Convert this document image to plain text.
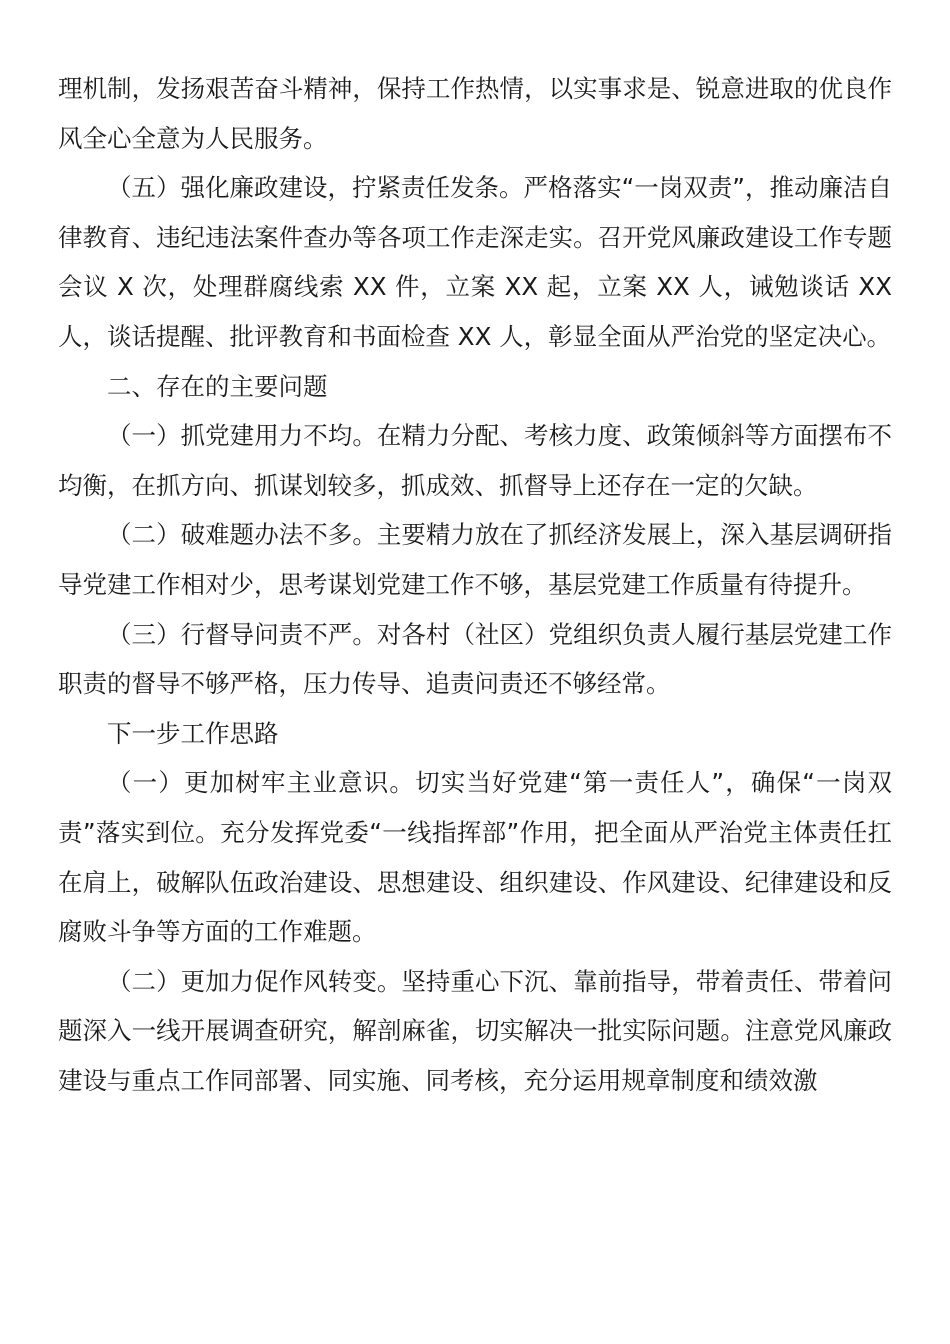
理机制，发扬艰苦奋斗精神，保持工作热情，以实事求是、锐意进取的优良作风全心全意为人民服务。

（五）强化廉政建设，拧紧责任发条。严格落实“一岗双责”，推动廉洁自律教育、违纪违法案件查办等各项工作走深走实。召开党风廉政建设工作专题会议 X 次，处理群腐线索 XX 件，立案 XX 起，立案 XX 人，诫勉谈话 XX 人，谈话提醒、批评教育和书面检查 XX 人，彰显全面从严治党的坚定决心。

二、存在的主要问题

（一）抓党建用力不均。在精力分配、考核力度、政策倾斜等方面摆布不均衡，在抓方向、抓谋划较多，抓成效、抓督导上还存在一定的欠缺。

（二）破难题办法不多。主要精力放在了抓经济发展上，深入基层调研指导党建工作相对少，思考谋划党建工作不够，基层党建工作质量有待提升。

（三）行督导问责不严。对各村（社区）党组织负责人履行基层党建工作职责的督导不够严格，压力传导、追责问责还不够经常。

下一步工作思路

（一）更加树牢主业意识。切实当好党建“第一责任人”，确保“一岗双责”落实到位。充分发挥党委“一线指挥部”作用，把全面从严治党主体责任扛在肩上，破解队伍政治建设、思想建设、组织建设、作风建设、纪律建设和反腐败斗争等方面的工作难题。

（二）更加力促作风转变。坚持重心下沉、靠前指导，带着责任、带着问题深入一线开展调查研究，解剖麻雀，切实解决一批实际问题。注意党风廉政建设与重点工作同部署、同实施、同考核，充分运用规章制度和绩效激
